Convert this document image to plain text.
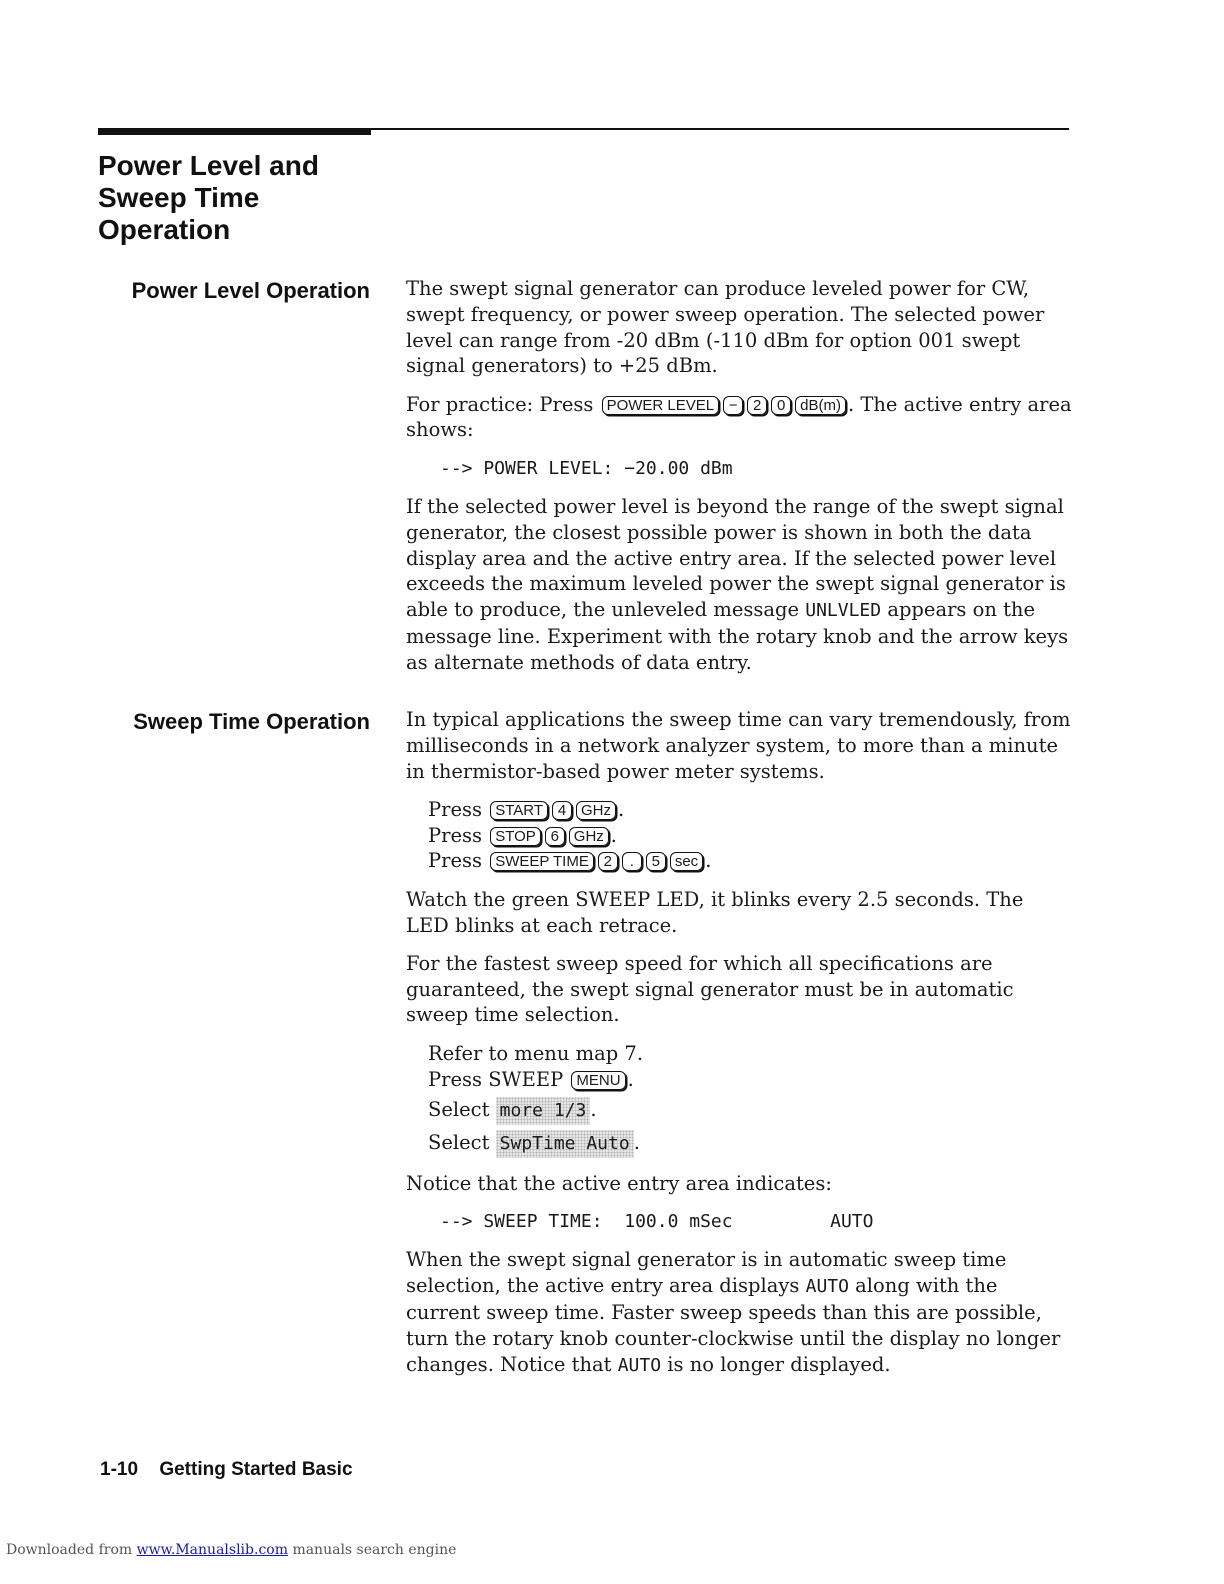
Power Level and
Sweep Time
Operation
Power Level Operation The swept signal generator can produce leveled power for CW, swept frequency, or power sweep operation. The selected power level can range from -20 dBm (-110 dBm for option 001 swept signal generators) to +25 dBm.

For practice: Press POWER LEVEL − 2 0 dB(m) . The active entry area shows:

--> POWER LEVEL: −20.00 dBm

If the selected power level is beyond the range of the swept signal generator, the closest possible power is shown in both the data display area and the active entry area. If the selected power level exceeds the maximum leveled power the swept signal generator is able to produce, the unleveled message UNLVLED appears on the message line. Experiment with the rotary knob and the arrow keys as alternate methods of data entry.

Sweep Time Operation In typical applications the sweep time can vary tremendously, from milliseconds in a network analyzer system, to more than a minute in thermistor-based power meter systems.

Press START 4 GHz .
Press STOP 6 GHz .
Press SWEEP TIME 2 . 5 sec .

Watch the green SWEEP LED, it blinks every 2.5 seconds. The LED blinks at each retrace.

For the fastest sweep speed for which all specifications are guaranteed, the swept signal generator must be in automatic sweep time selection.

Refer to menu map 7.
Press SWEEP MENU .
Select more 1/3 .
Select SwpTime Auto .

Notice that the active entry area indicates:

--> SWEEP TIME:  100.0 mSec         AUTO

When the swept signal generator is in automatic sweep time selection, the active entry area displays AUTO along with the current sweep time. Faster sweep speeds than this are possible, turn the rotary knob counter-clockwise until the display no longer changes. Notice that AUTO is no longer displayed.

1-10 Getting Started Basic
Downloaded from www.Manualslib.com manuals search engine
